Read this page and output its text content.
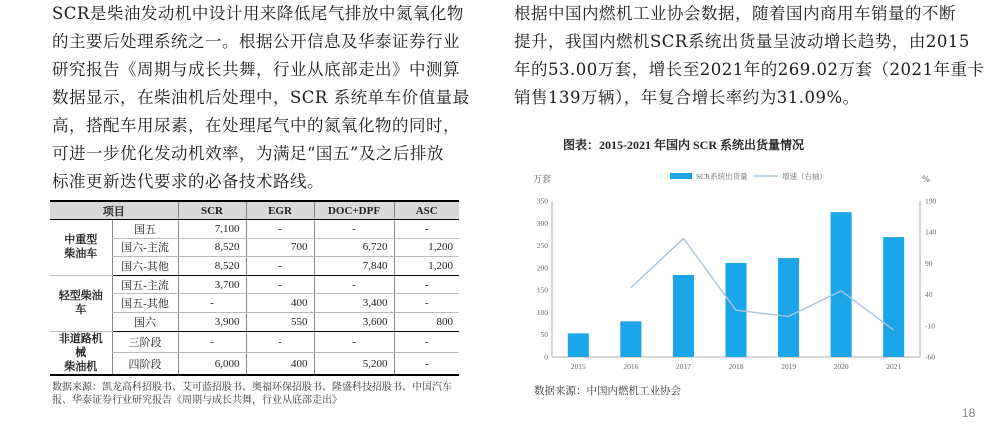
SCR是柴油发动机中设计用来降低尾气排放中氮氧化物
的主要后处理系统之一。根据公开信息及华泰证券行业
研究报告《周期与成长共舞，行业从底部走出》中测算
数据显示，在柴油机后处理中，SCR 系统单车价值量最
高，搭配车用尿素，在处理尾气中的氮氧化物的同时，
可进一步优化发动机效率，为满足“国五”及之后排放
标准更新迭代要求的必备技术路线。
根据中国内燃机工业协会数据，随着国内商用车销量的不断
提升，我国内燃机SCR系统出货量呈波动增长趋势，由2015
年的53.00万套，增长至2021年的269.02万套（2021年重卡
销售139万辆），年复合增长率约为31.09%。
项目		SCR	EGR	DOC+DPF	ASC

中重型
柴油车	国五	7,100	-	-	-
	国六-主流	8,520	700	6,720	1,200
	国六-其他	8,520	-	7,840	1,200

轻型柴油车	国五-主流	3,700	-	-	-
	国五-其他	-	400	3,400	-
	国六	3,900	550	3,600	800

非道路机械
柴油机	三阶段	-	-	-	-
	四阶段	6,000	400	5,200	-
数据来源：凯龙高科招股书、艾可蓝招股书、奥福环保招股书、隆盛科技招股书、中国汽车
报、华泰证券行业研究报告《周期与成长共舞，行业从底部走出》
图表：2015-2021 年国内 SCR 系统出货量情况
0
50
100
150
200
250
300
350
-60
-10
40
90
140
190
万套	%
2015	2016	2017	2018	2019	2020	2021
SCR系统出货量	增速（右轴）
数据来源：中国内燃机工业协会
18
